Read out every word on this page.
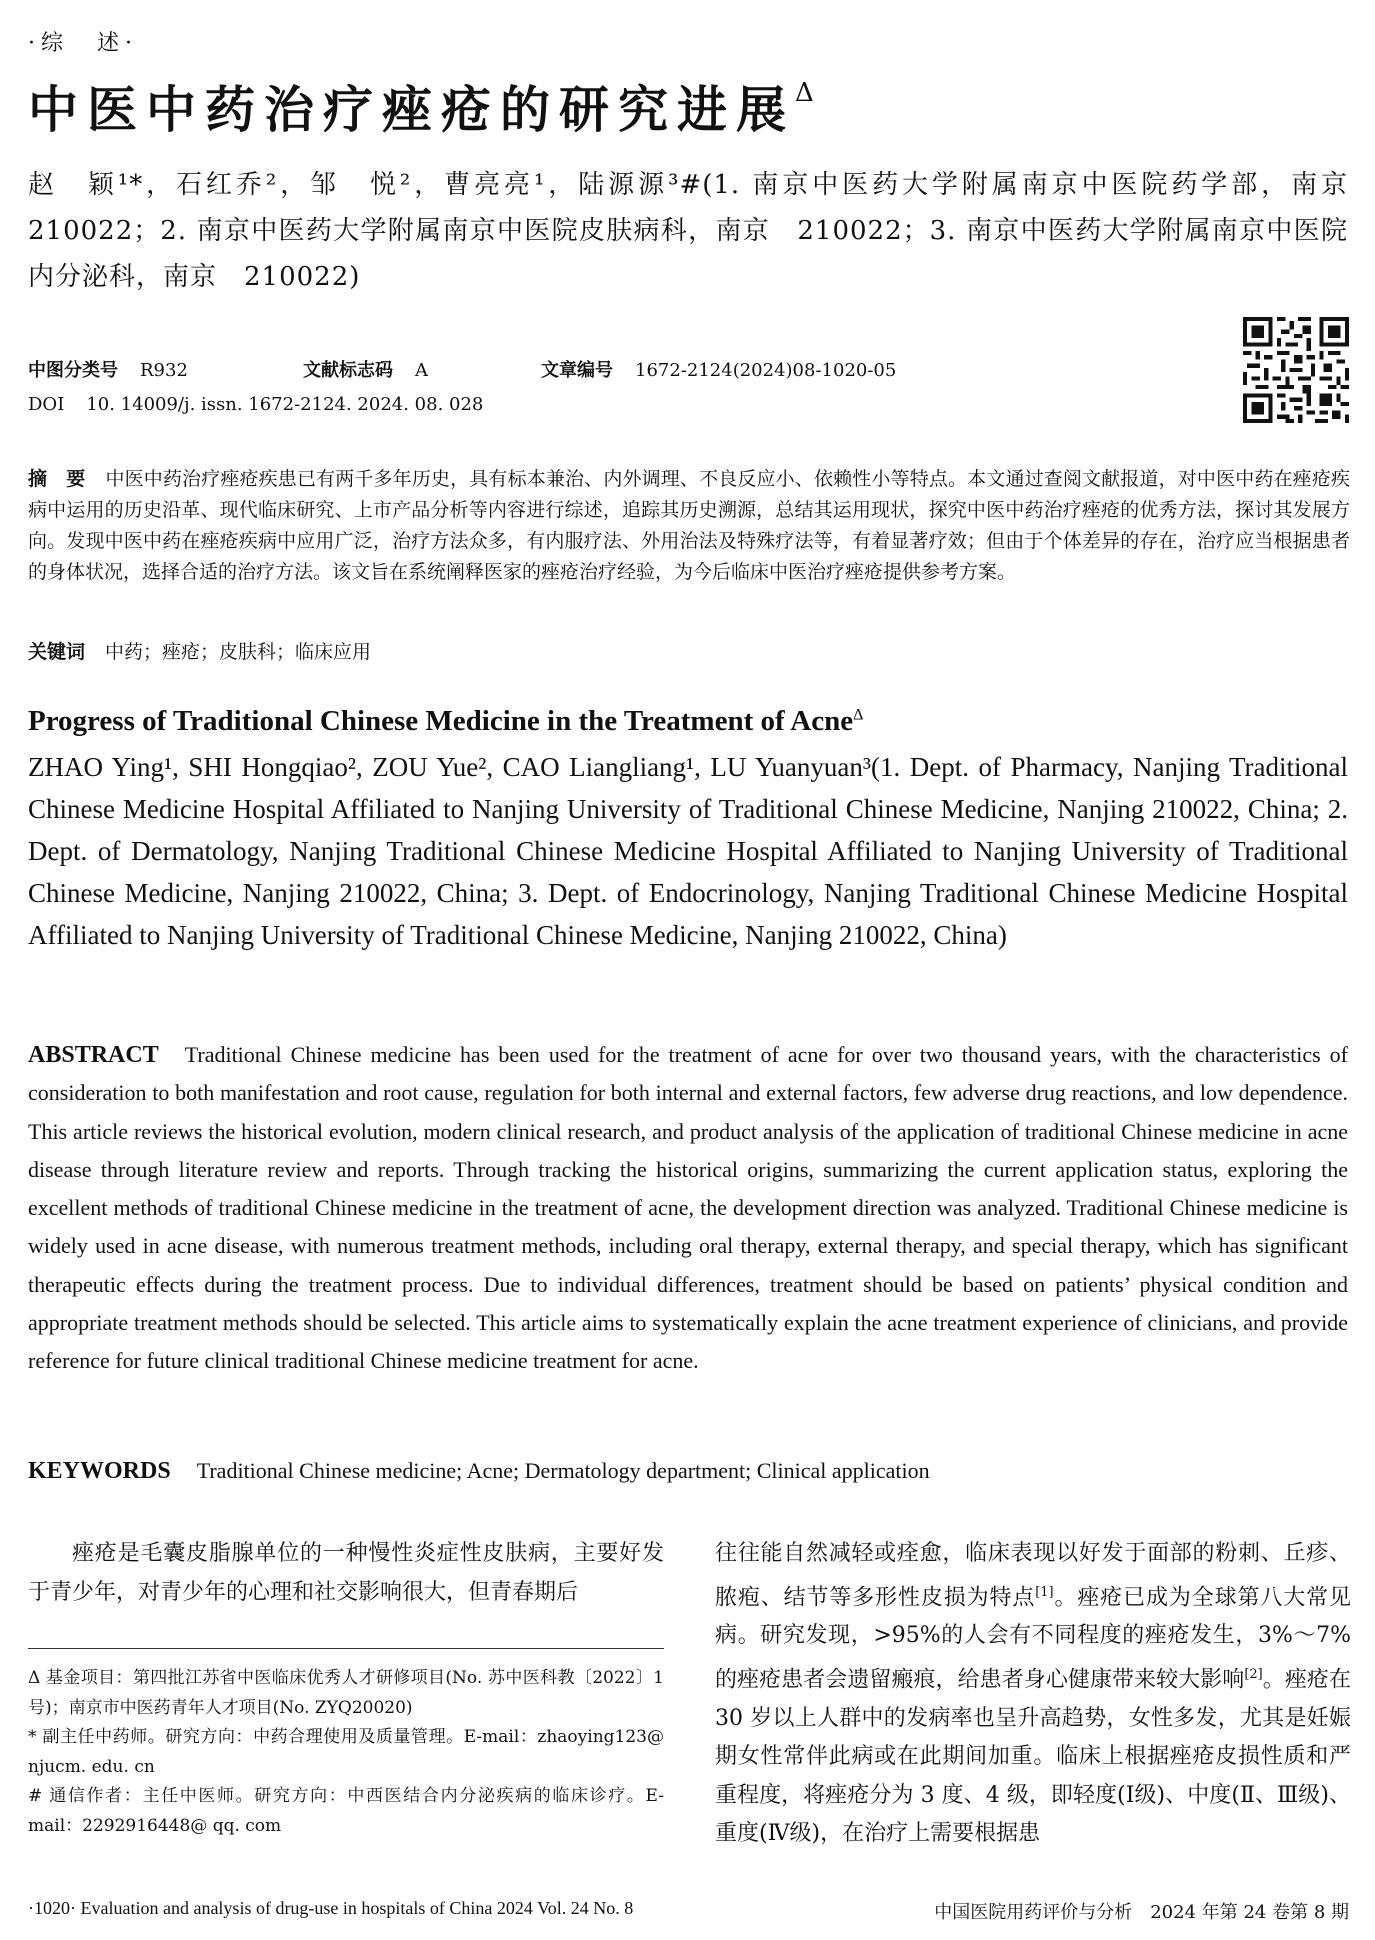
·综　述·
中医中药治疗痤疮的研究进展$^\Delta$
赵　颖¹*，石红乔²，邹　悦²，曹亮亮¹，陆源源³#(1. 南京中医药大学附属南京中医院药学部，南京　210022；2. 南京中医药大学附属南京中医院皮肤病科，南京　210022；3. 南京中医药大学附属南京中医院内分泌科，南京　210022)
中图分类号 R932	文献标志码 A	文章编号 1672-2124(2024)08-1020-05
DOI 10. 14009/j. issn. 1672-2124. 2024. 08. 028
摘　要 中医中药治疗痤疮疾患已有两千多年历史，具有标本兼治、内外调理、不良反应小、依赖性小等特点。本文通过查阅文献报道，对中医中药在痤疮疾病中运用的历史沿革、现代临床研究、上市产品分析等内容进行综述，追踪其历史溯源，总结其运用现状，探究中医中药治疗痤疮的优秀方法，探讨其发展方向。发现中医中药在痤疮疾病中应用广泛，治疗方法众多，有内服疗法、外用治法及特殊疗法等，有着显著疗效；但由于个体差异的存在，治疗应当根据患者的身体状况，选择合适的治疗方法。该文旨在系统阐释医家的痤疮治疗经验，为今后临床中医治疗痤疮提供参考方案。
关键词 中药；痤疮；皮肤科；临床应用
Progress of Traditional Chinese Medicine in the Treatment of Acne$^\Delta$
ZHAO Ying¹, SHI Hongqiao², ZOU Yue², CAO Liangliang¹, LU Yuanyuan³(1. Dept. of Pharmacy, Nanjing Traditional Chinese Medicine Hospital Affiliated to Nanjing University of Traditional Chinese Medicine, Nanjing 210022, China; 2. Dept. of Dermatology, Nanjing Traditional Chinese Medicine Hospital Affiliated to Nanjing University of Traditional Chinese Medicine, Nanjing 210022, China; 3. Dept. of Endocrinology, Nanjing Traditional Chinese Medicine Hospital Affiliated to Nanjing University of Traditional Chinese Medicine, Nanjing 210022, China)
ABSTRACT Traditional Chinese medicine has been used for the treatment of acne for over two thousand years, with the characteristics of consideration to both manifestation and root cause, regulation for both internal and external factors, few adverse drug reactions, and low dependence. This article reviews the historical evolution, modern clinical research, and product analysis of the application of traditional Chinese medicine in acne disease through literature review and reports. Through tracking the historical origins, summarizing the current application status, exploring the excellent methods of traditional Chinese medicine in the treatment of acne, the development direction was analyzed. Traditional Chinese medicine is widely used in acne disease, with numerous treatment methods, including oral therapy, external therapy, and special therapy, which has significant therapeutic effects during the treatment process. Due to individual differences, treatment should be based on patients’ physical condition and appropriate treatment methods should be selected. This article aims to systematically explain the acne treatment experience of clinicians, and provide reference for future clinical traditional Chinese medicine treatment for acne.
KEYWORDS Traditional Chinese medicine; Acne; Dermatology department; Clinical application
痤疮是毛囊皮脂腺单位的一种慢性炎症性皮肤病，主要好发于青少年，对青少年的心理和社交影响很大，但青春期后
往往能自然减轻或痊愈，临床表现以好发于面部的粉刺、丘疹、脓疱、结节等多形性皮损为特点[1]。痤疮已成为全球第八大常见病。研究发现，>95%的人会有不同程度的痤疮发生，3%～7%的痤疮患者会遗留瘢痕，给患者身心健康带来较大影响[2]。痤疮在 30 岁以上人群中的发病率也呈升高趋势，女性多发，尤其是妊娠期女性常伴此病或在此期间加重。临床上根据痤疮皮损性质和严重程度，将痤疮分为 3 度、4 级，即轻度(Ⅰ级)、中度(Ⅱ、Ⅲ级)、重度(Ⅳ级)，在治疗上需要根据患

Δ 基金项目：第四批江苏省中医临床优秀人才研修项目(No. 苏中医科教〔2022〕1 号)；南京市中医药青年人才项目(No. ZYQ20020)

* 副主任中药师。研究方向：中药合理使用及质量管理。E-mail：zhaoying123@ njucm. edu. cn

# 通信作者：主任中医师。研究方向：中西医结合内分泌疾病的临床诊疗。E-mail：2292916448@ qq. com

·1020· Evaluation and analysis of drug-use in hospitals of China 2024 Vol. 24 No. 8	中国医院用药评价与分析　2024 年第 24 卷第 8 期
